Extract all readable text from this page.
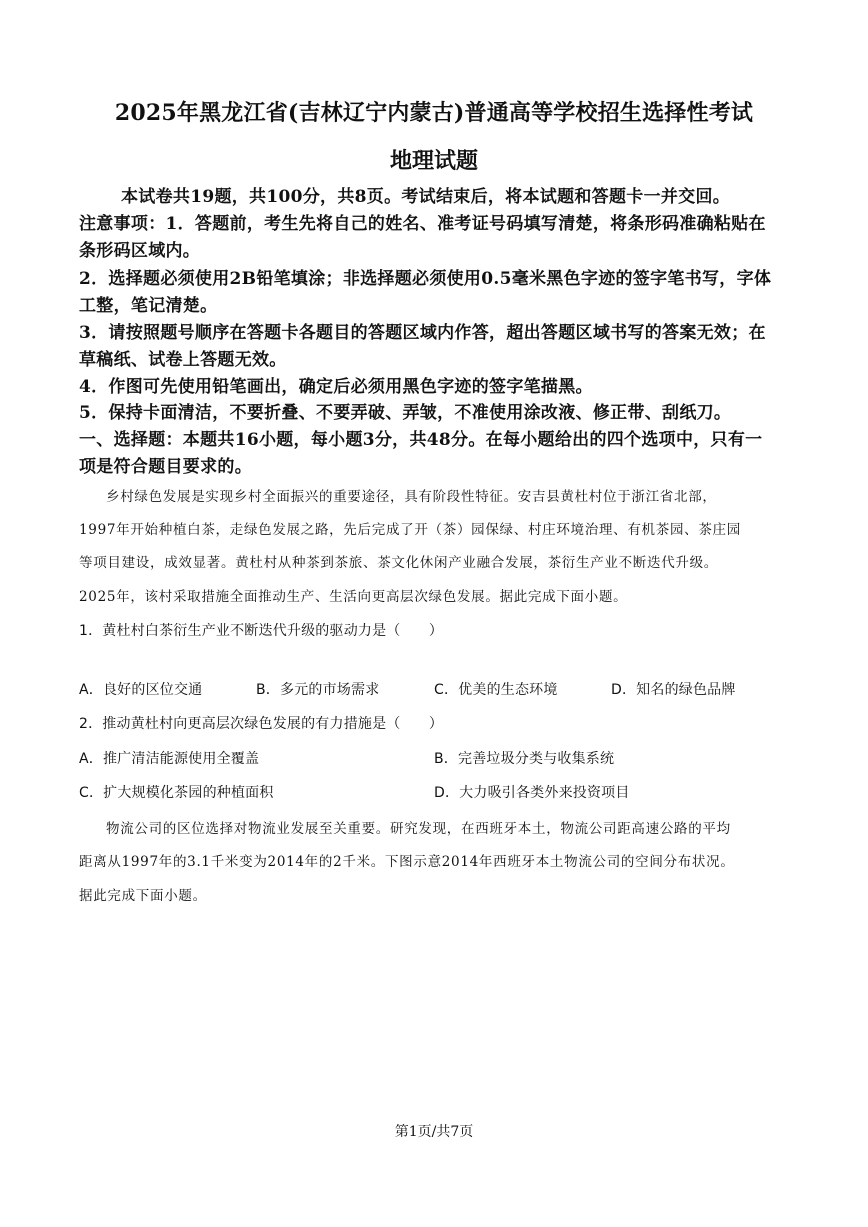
2025年黑龙江省(吉林辽宁内蒙古)普通高等学校招生选择性考试
地理试题
本试卷共19题，共100分，共8页。考试结束后，将本试题和答题卡一并交回。
注意事项：1．答题前，考生先将自己的姓名、准考证号码填写清楚，将条形码准确粘贴在
条形码区域内。
2．选择题必须使用2B铅笔填涂；非选择题必须使用0.5毫米黑色字迹的签字笔书写，字体
工整，笔记清楚。
3．请按照题号顺序在答题卡各题目的答题区域内作答，超出答题区域书写的答案无效；在
草稿纸、试卷上答题无效。
4．作图可先使用铅笔画出，确定后必须用黑色字迹的签字笔描黑。
5．保持卡面清洁，不要折叠、不要弄破、弄皱，不准使用涂改液、修正带、刮纸刀。
一、选择题：本题共16小题，每小题3分，共48分。在每小题给出的四个选项中，只有一
项是符合题目要求的。
乡村绿色发展是实现乡村全面振兴的重要途径，具有阶段性特征。安吉县黄杜村位于浙江省北部，
1997年开始种植白茶，走绿色发展之路，先后完成了开（茶）园保绿、村庄环境治理、有机茶园、茶庄园
等项目建设，成效显著。黄杜村从种茶到茶旅、茶文化休闲产业融合发展，茶衍生产业不断迭代升级。
2025年，该村采取措施全面推动生产、生活向更高层次绿色发展。据此完成下面小题。
1．黄杜村白茶衍生产业不断迭代升级的驱动力是（　　）
A．良好的区位交通	B．多元的市场需求	C．优美的生态环境	D．知名的绿色品牌
2．推动黄杜村向更高层次绿色发展的有力措施是（　　）
A．推广清洁能源使用全覆盖	B．完善垃圾分类与收集系统
C．扩大规模化茶园的种植面积	D．大力吸引各类外来投资项目
物流公司的区位选择对物流业发展至关重要。研究发现，在西班牙本土，物流公司距高速公路的平均
距离从1997年的3.1千米变为2014年的2千米。下图示意2014年西班牙本土物流公司的空间分布状况。
据此完成下面小题。
第1页/共7页
